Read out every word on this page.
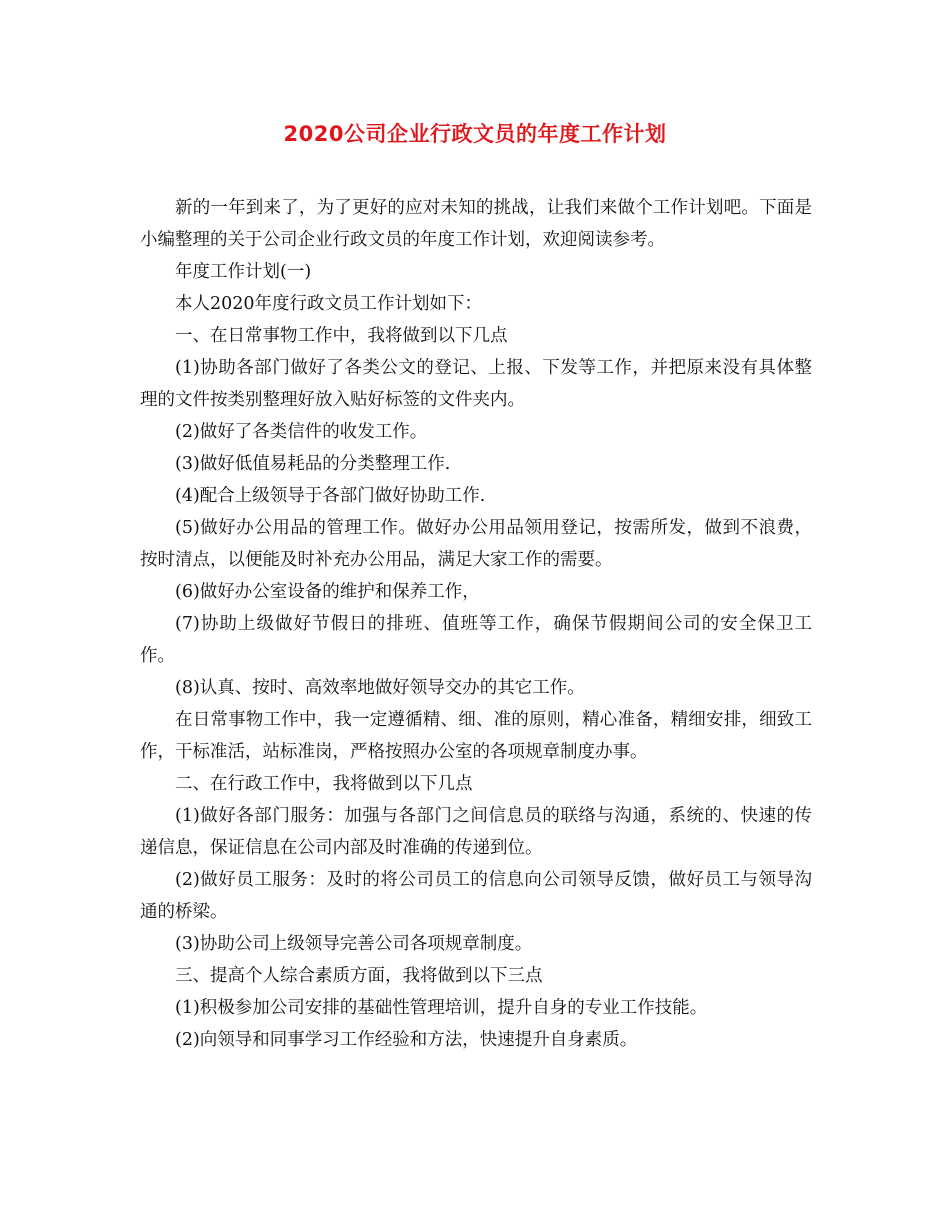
2020公司企业行政文员的年度工作计划

新的一年到来了，为了更好的应对未知的挑战，让我们来做个工作计划吧。下面是小编整理的关于公司企业行政文员的年度工作计划，欢迎阅读参考。

年度工作计划(一)

本人2020年度行政文员工作计划如下：

一、在日常事物工作中，我将做到以下几点

(1)协助各部门做好了各类公文的登记、上报、下发等工作，并把原来没有具体整理的文件按类别整理好放入贴好标签的文件夹内。

(2)做好了各类信件的收发工作。

(3)做好低值易耗品的分类整理工作.

(4)配合上级领导于各部门做好协助工作.

(5)做好办公用品的管理工作。做好办公用品领用登记，按需所发，做到不浪费，按时清点，以便能及时补充办公用品，满足大家工作的需要。

(6)做好办公室设备的维护和保养工作，

(7)协助上级做好节假日的排班、值班等工作，确保节假期间公司的安全保卫工作。

(8)认真、按时、高效率地做好领导交办的其它工作。

在日常事物工作中，我一定遵循精、细、准的原则，精心准备，精细安排，细致工作，干标准活，站标准岗，严格按照办公室的各项规章制度办事。

二、在行政工作中，我将做到以下几点

(1)做好各部门服务：加强与各部门之间信息员的联络与沟通，系统的、快速的传递信息，保证信息在公司内部及时准确的传递到位。

(2)做好员工服务：及时的将公司员工的信息向公司领导反馈，做好员工与领导沟通的桥梁。

(3)协助公司上级领导完善公司各项规章制度。

三、提高个人综合素质方面，我将做到以下三点

(1)积极参加公司安排的基础性管理培训，提升自身的专业工作技能。

(2)向领导和同事学习工作经验和方法，快速提升自身素质。
